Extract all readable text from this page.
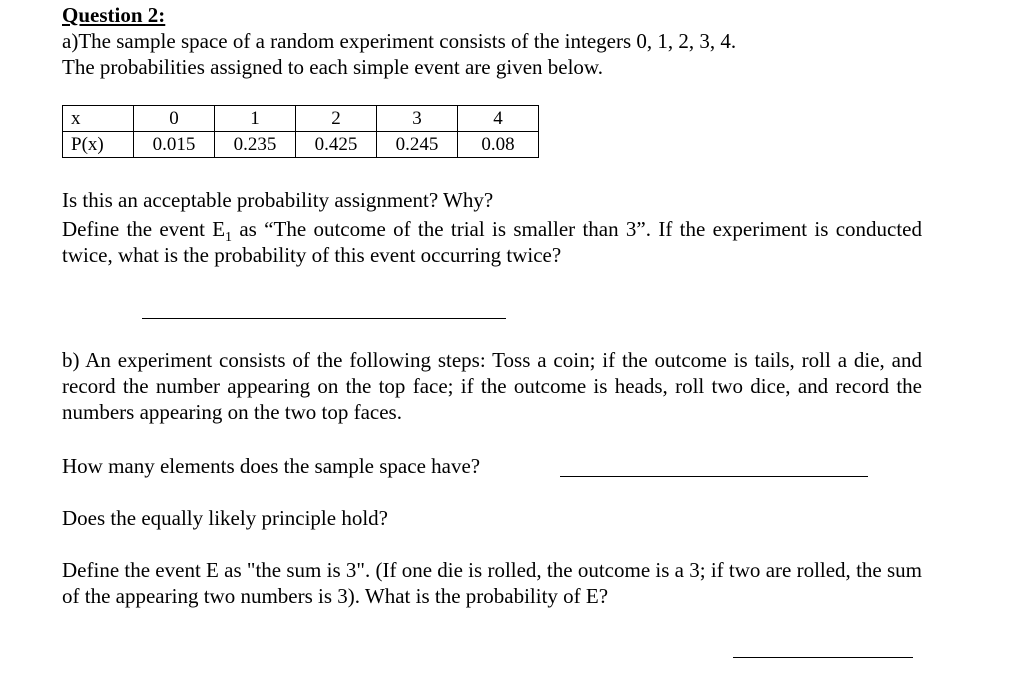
Question 2:
a)The sample space of a random experiment consists of the integers 0, 1, 2, 3, 4.
The probabilities assigned to each simple event are given below.
x	0	1	2	3	4
P(x)	0.015	0.235	0.425	0.245	0.08
Is this an acceptable probability assignment? Why?
Define the event $E_1$ as “The outcome of the trial is smaller than 3”. If the experiment is conducted twice, what is the probability of this event occurring twice?
b) An experiment consists of the following steps: Toss a coin; if the outcome is tails, roll a die, and record the number appearing on the top face; if the outcome is heads, roll two dice, and record the numbers appearing on the two top faces.
How many elements does the sample space have?
Does the equally likely principle hold?
Define the event E as "the sum is 3". (If one die is rolled, the outcome is a 3; if two are rolled, the sum of the appearing two numbers is 3). What is the probability of E?
